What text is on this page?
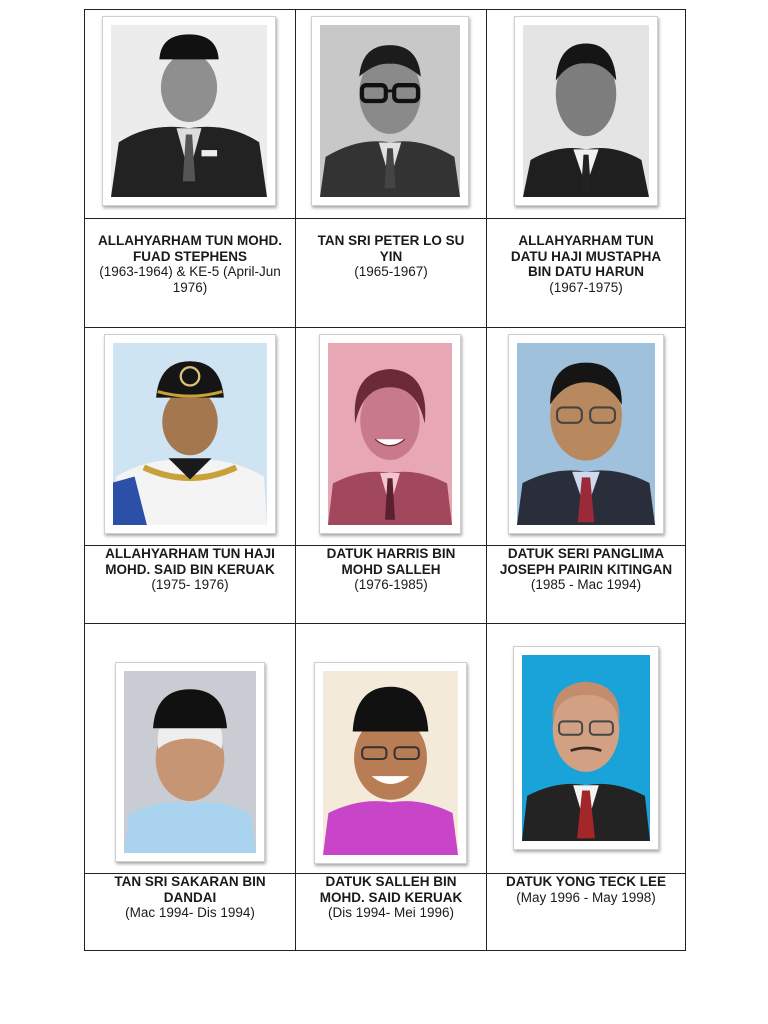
ALLAHYARHAM TUN MOHD. FUAD STEPHENS
(1963-1964) & KE-5 (April-Jun 1976)
TAN SRI PETER LO SU YIN
(1965-1967)
ALLAHYARHAM TUN DATU HAJI MUSTAPHA BIN DATU HARUN
(1967-1975)
ALLAHYARHAM TUN HAJI MOHD. SAID BIN KERUAK
(1975- 1976)
DATUK HARRIS BIN MOHD SALLEH
(1976-1985)
DATUK SERI PANGLIMA JOSEPH PAIRIN KITINGAN
(1985 - Mac 1994)
TAN SRI SAKARAN BIN DANDAI
(Mac 1994- Dis 1994)
DATUK SALLEH BIN MOHD. SAID KERUAK
(Dis 1994- Mei 1996)
DATUK YONG TECK LEE
(May 1996 - May 1998)
